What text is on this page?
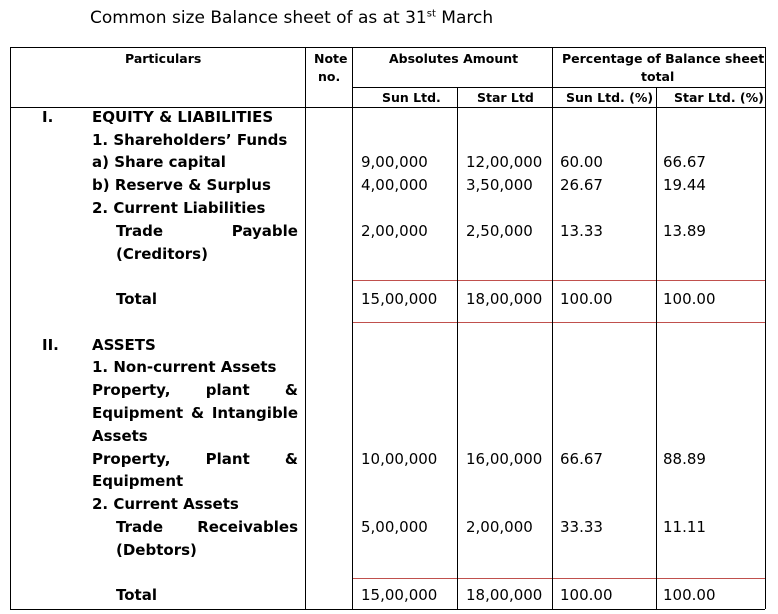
Common size Balance sheet of as at 31st March
Particulars	Note
no.
Absolutes Amount	Percentage of Balance sheet
total
Sun Ltd.	Star Ltd	Sun Ltd. (%) Star Ltd. (%)
I.	EQUITY & LIABILITIES
1. Shareholders’ Funds
a) Share capital	9,00,000	12,00,000 60.00	66.67
b) Reserve & Surplus	4,00,000	3,50,000 26.67	19.44
2. Current Liabilities
Trade	Payable
(Creditors)
2,00,000	2,50,000 13.33	13.89
Total	15,00,000 18,00,000 100.00	100.00
II. ASSETS
1. Non-current Assets
Property, plant &
Equipment & Intangible
Assets
Property, Plant &
Equipment
10,00,000 16,00,000 66.67	88.89
2. Current Assets
Trade Receivables
(Debtors)
5,00,000	2,00,000 33.33	11.11
Total	15,00,000 18,00,000 100.00	100.00
